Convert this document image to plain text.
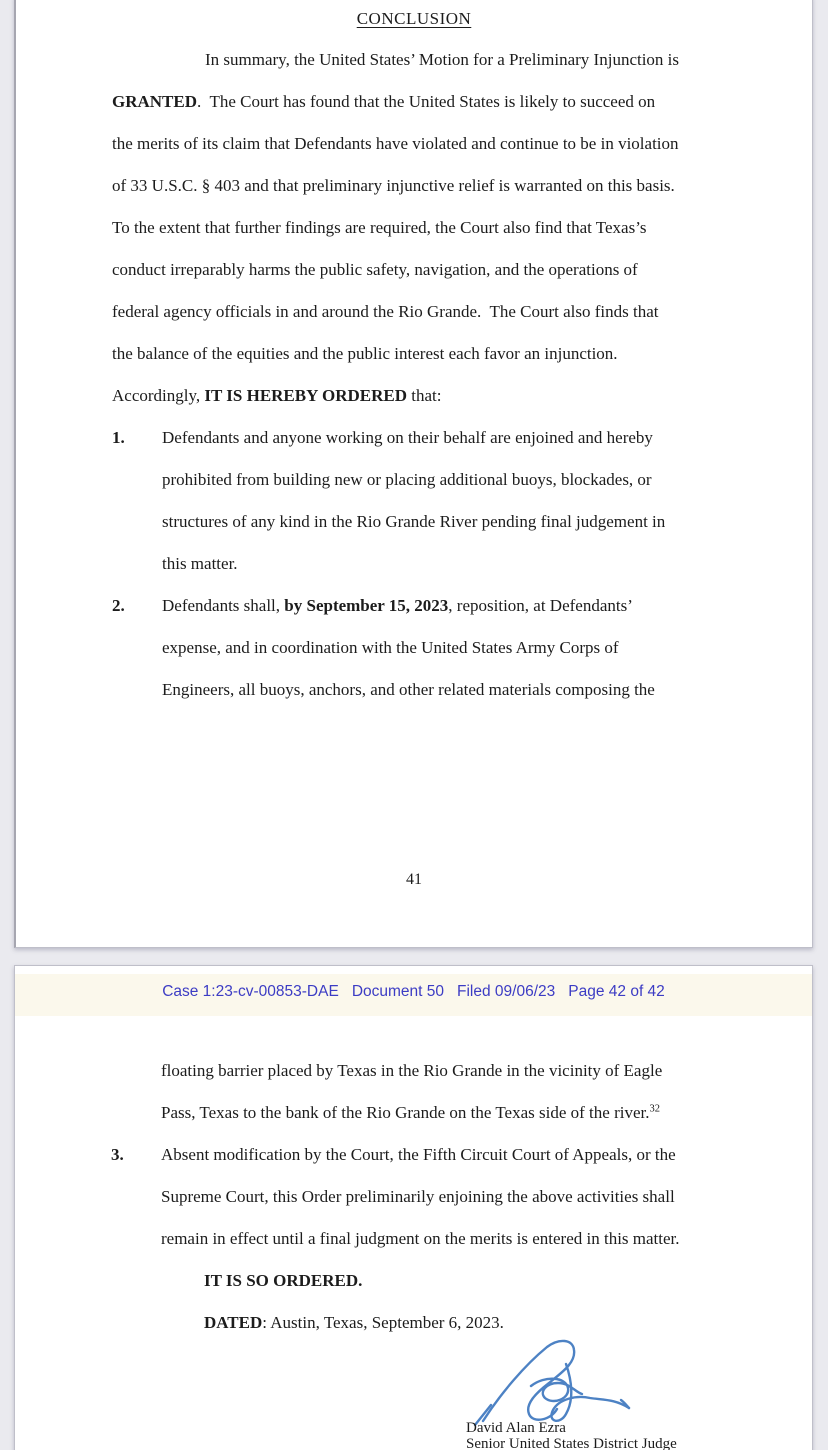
CONCLUSION
In summary, the United States’ Motion for a Preliminary Injunction is
GRANTED.  The Court has found that the United States is likely to succeed on
the merits of its claim that Defendants have violated and continue to be in violation
of 33 U.S.C. § 403 and that preliminary injunctive relief is warranted on this basis.
To the extent that further findings are required, the Court also find that Texas’s
conduct irreparably harms the public safety, navigation, and the operations of
federal agency officials in and around the Rio Grande.  The Court also finds that
the balance of the equities and the public interest each favor an injunction.
Accordingly, IT IS HEREBY ORDERED that:
1.	Defendants and anyone working on their behalf are enjoined and hereby
prohibited from building new or placing additional buoys, blockades, or
structures of any kind in the Rio Grande River pending final judgement in
this matter.
2.	Defendants shall, by September 15, 2023, reposition, at Defendants’
expense, and in coordination with the United States Army Corps of
Engineers, all buoys, anchors, and other related materials composing the
41
Case 1:23-cv-00853-DAE Document 50 Filed 09/06/23 Page 42 of 42
floating barrier placed by Texas in the Rio Grande in the vicinity of Eagle
Pass, Texas to the bank of the Rio Grande on the Texas side of the river.$^{32}$
3.	Absent modification by the Court, the Fifth Circuit Court of Appeals, or the
Supreme Court, this Order preliminarily enjoining the above activities shall
remain in effect until a final judgment on the merits is entered in this matter.
IT IS SO ORDERED.
DATED: Austin, Texas, September 6, 2023.
David Alan Ezra
Senior United States District Judge
